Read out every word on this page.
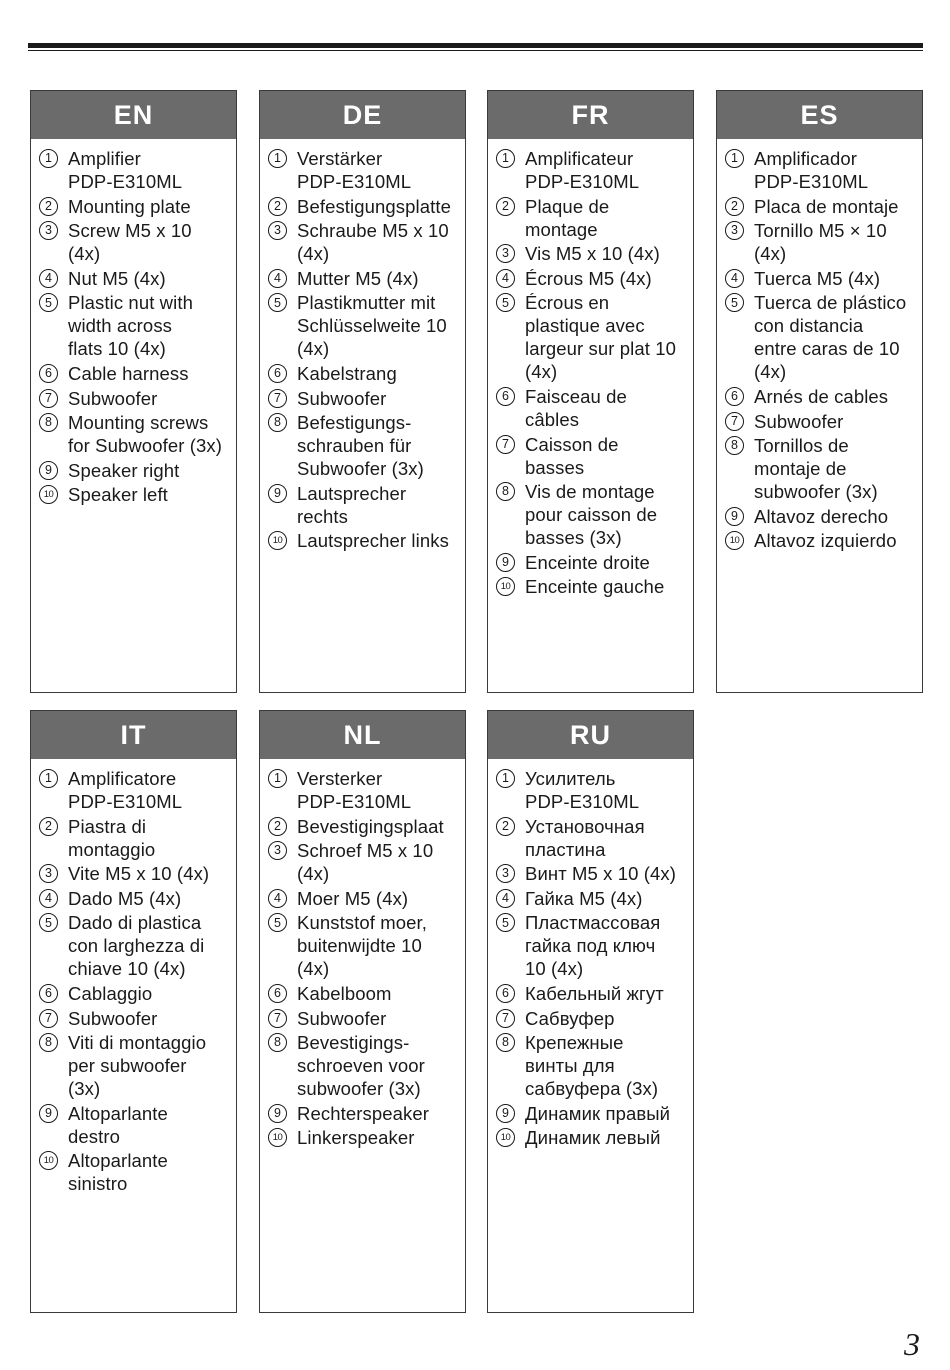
EN
1 Amplifier
PDP-E310ML
2 Mounting plate
3 Screw M5 x 10
(4x)
4 Nut M5 (4x)
5 Plastic nut with
width across
flats 10 (4x)
6 Cable harness
7 Subwoofer
8 Mounting screws
for Subwoofer (3x)
9 Speaker right
10 Speaker left
DE
1 Verstärker
PDP-E310ML
2 Befestigungsplatte
3 Schraube M5 x 10
(4x)
4 Mutter M5 (4x)
5 Plastikmutter mit
Schlüsselweite 10
(4x)
6 Kabelstrang
7 Subwoofer
8 Befestigungs-
schrauben für
Subwoofer (3x)
9 Lautsprecher
rechts
10 Lautsprecher links
FR
1 Amplificateur
PDP-E310ML
2 Plaque de
montage
3 Vis M5 x 10 (4x)
4 Écrous M5 (4x)
5 Écrous en
plastique avec
largeur sur plat 10
(4x)
6 Faisceau de
câbles
7 Caisson de
basses
8 Vis de montage
pour caisson de
basses (3x)
9 Enceinte droite
10 Enceinte gauche
ES
1 Amplificador
PDP-E310ML
2 Placa de montaje
3 Tornillo M5 × 10
(4x)
4 Tuerca M5 (4x)
5 Tuerca de plástico
con distancia
entre caras de 10
(4x)
6 Arnés de cables
7 Subwoofer
8 Tornillos de
montaje de
subwoofer (3x)
9 Altavoz derecho
10 Altavoz izquierdo
IT
1 Amplificatore
PDP-E310ML
2 Piastra di
montaggio
3 Vite M5 x 10 (4x)
4 Dado M5 (4x)
5 Dado di plastica
con larghezza di
chiave 10 (4x)
6 Cablaggio
7 Subwoofer
8 Viti di montaggio
per subwoofer
(3x)
9 Altoparlante
destro
10 Altoparlante
sinistro
NL
1 Versterker
PDP-E310ML
2 Bevestigingsplaat
3 Schroef M5 x 10
(4x)
4 Moer M5 (4x)
5 Kunststof moer,
buitenwijdte 10
(4x)
6 Kabelboom
7 Subwoofer
8 Bevestigings-
schroeven voor
subwoofer (3x)
9 Rechterspeaker
10 Linkerspeaker
RU
1 Усилитель
PDP-E310ML
2 Установочная
пластина
3 Винт M5 x 10 (4x)
4 Гайка M5 (4x)
5 Пластмассовая
гайка под ключ
10 (4x)
6 Кабельный жгут
7 Сабвуфер
8 Крепежные
винты для
сабвуфера (3x)
9 Динамик правый
10 Динамик левый
3
